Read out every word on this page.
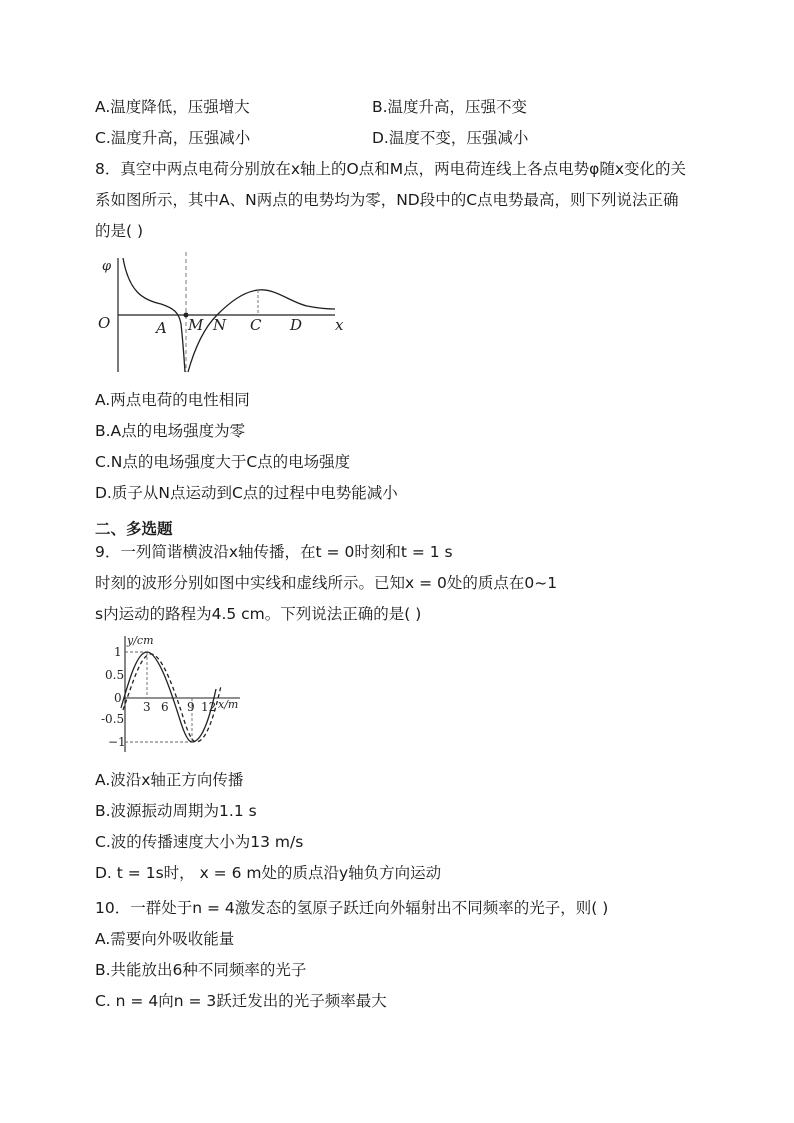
A.温度降低，压强增大	B.温度升高，压强不变
C.温度升高，压强减小	D.温度不变，压强减小
8．真空中两点电荷分别放在x轴上的O点和M点，两电荷连线上各点电势φ随x变化的关
系如图所示，其中A、N两点的电势均为零，ND段中的C点电势最高，则下列说法正确
的是( )
φ
O	A M N C D x
A.两点电荷的电性相同
B.A点的电场强度为零
C.N点的电场强度大于C点的电场强度
D.质子从N点运动到C点的过程中电势能减小
二、多选题
9．一列简谐横波沿x轴传播，在t = 0时刻和t = 1 s
时刻的波形分别如图中实线和虚线所示。已知x = 0处的质点在0~1
s内运动的路程为4.5 cm。下列说法正确的是( )
y/cm
x/m
1
0.5
0
-0.5
−1
3 6 9 12
A.波沿x轴正方向传播
B.波源振动周期为1.1 s
C.波的传播速度大小为13 m/s
D. t = 1s时， x = 6 m处的质点沿y轴负方向运动
10．一群处于n = 4激发态的氢原子跃迁向外辐射出不同频率的光子，则( )
A.需要向外吸收能量
B.共能放出6种不同频率的光子
C. n = 4向n = 3跃迁发出的光子频率最大
